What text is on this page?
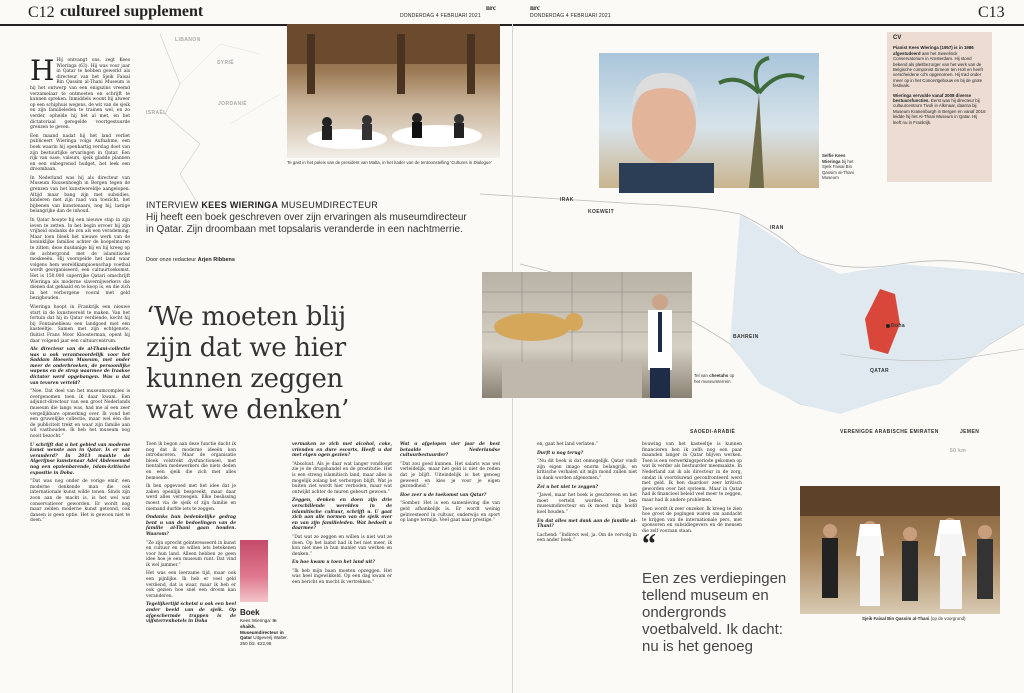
C12 cultureel supplement	nrc
DONDERDAG 4 FEBRUARI 2021
nrc
DONDERDAG 4 FEBRUARI 2021	C13
LIBANON
SYRIË
ISRAËL
JORDANIË
IRAK
KOEWEIT
IRAN
BAHREIN
Doha
QATAR
SAOEDI-ARABIË	VERENIGDE ARABISCHE EMIRATEN	JEMEN
50 km

H Hij ontvangt ons, zegt Kees Wieringa (63). Hij was voor jaar in Qatar te hebben gewerkt als directeur van het Sjeik Faisal Bin Qassim al-Thani Museum is hij het ontwerp van een enigszins vreemd verzamelaar te ontmoeten en schrijft te kunnen spreken. Inmiddels woont hij alweer op een schiphuis wegens, de wit van de sjeik en zijn familieleden te trainen wel, en zo verder, ophelde hij het al met, en het dictatoriaal geregelde voortgestuurde grenzen te geven.

Een maand nadat hij het land verliet publiceert Wieringa volgs Aufnahme, een boek waarin hij openhartig verslag doet van zijn bestuurlijke ervaringen in Qatar. Een rijk van oase, valeurs, sjeik gladde plannen en een onbegrensd budget, het leek een droombaan.

In Nederland was hij als directeur van Museum Ruusenhoegh in Bergen tegen de grenzen van het kunstwereldje aangelopen. Altijd maar bang zijn met subsidies, kinderen met zijn raad van toezicht, het bijbenen van kunstenaars, nog bij, lastige belangrijke dan de inhoud.

In Qatar hoopte hij een nieuwe stap in zijn leven te zetten. In het begin ervoer hij zijn vrijheid ondanks de zon als een verademing. Maar toen bleek het nieuwe werk van de koninklijke families achter de koepelmuren te zitten, deze dusdanige bij en hij kreeg op de achtergrond met de islamitische moskeeën. Hij voorspelde het land waar volgens hem wereldkampioenschap voetbal wordt georganiseerd, een cultuurtoekomst. Het is 150.000 superrijke Qatari omschrijft Wieringa als moderne slavernijwerkers die dienen dat gehaald en te koop is, en die zich in het verborgene vooral met geld bezighouden.

Wieringa hoopt in Frankrijk een nieuwe start in de kunstwereld te maken. Van het fortuin dat hij in Qatar verdiende, kocht hij bij Fontainebleau een landgoed met een kasteeltje. Samen met zijn echtgenote, fluitist Frans Moor Kloosterman, opent hij daar volgend jaar een cultuurcentrum.

Als directeur van de al-Thani-collectie was u ook verantwoordelijk voor het Saddam Hoesein Museum, met onder meer de onderbroeken, de persoonlijke wapens en de strop waarmee de Iraakse dictator werd opgehangen. Was u dat van tevoren verteld?

“Nee. Dat deel van het museumcomplex is overgenomen toen ik daar kwam. Een adjunct-directeur van een groot Nederlands museum die langs was, had me al een zeer vergelijkbare opmerking over. Ik vond het een gruwelijke collectie, maar wel één die de publiciteit trekt en waar zijn familie aan wil vasthouden. Ik heb het museum nog nooit bezocht.”

U schrijft dat u het gebied van moderne kunst wenste aan in Qatar. Is er wat veranderd? In 2013 maakte de Algerijnse kunstenaar Adel Abdessemed nog een opzienbarende, islam-kritische expositie in Doha.

“Dat was nog onder de vorige emir, een moderne denkende man die ook internationale kunst wilde tonen. Sinds zijn zoon aan de macht is, is het wel wat conservatiever geworden. Er wordt nog maar zelden moderne kunst getoond, ook dansen is geen optie. Het is gewoon niet te doen.”

Te gast in het paleis van de president van Malta, in het kader van de tentoonstelling ‘Cultures in Dialogue’
INTERVIEW KEES WIERINGA MUSEUMDIRECTEUR
Hij heeft een boek geschreven over zijn ervaringen als museumdirecteur in Qatar. Zijn droombaan met topsalaris veranderde in een nachtmerrie.
Door onze redacteur Arjen Ribbens
‘We moeten blij zijn dat we hier kunnen zeggen wat we denken’

Toen ik begon aan deze functie dacht ik nog dat ik moderne ideeën kon introduceren. Maar de organisatie bleek volstrekt dysfunctioneel, met tientallen medewerkers die niets deden en een sjeik die zich met alles bemoeide.

Ik ben opgevoed met het idee dat je zaken openlijk bespreekt, maar daar werd alles verzwegen. Elke beslissing moest via de sjeik of zijn familie en niemand durfde iets te zeggen.

Ondanks hun bedenkelijke gedrag bent u van de bedoelingen van de familie al-Thani gaan houden. Waarom?

“Ze zijn oprecht geïnteresseerd in kunst en cultuur en ze willen iets betekenen voor hun land. Alleen hebben ze geen idee hoe je een museum runt. Dat vind ik wel jammer.”

Het was een leerzame tijd, maar ook een pijnlijke. Ik heb er veel geld verdiend, dat is waar, maar ik heb er ook gezien hoe snel een droom kan veranderen.

Tegelijkertijd schetst u ook een heel ander beeld van de sjeik. Op afgeschermde trappen is de vijfsterrenhotels in Doha

Boek
Kees Wieringa: In shaikh. Museumdirecteur in Qatar Uitgeverij Walter. 250 blz. €22,95

vermaken ze zich met alcohol, coke, vrienden en dure escorts. Heeft u dat met eigen ogen gezien?

“Absoluut. Als je daar wat langer rondloopt zie je de drugshandel en de prostitutie. Het is een streng islamitisch land, maar alles is mogelijk zolang het verborgen blijft. Wat je buiten ziet wordt hier verboden, maar wat ontwijkt achter de muren gebeurt gewoon.”

Zeggen, denken en doen zijn drie verschillende werelden in de islamitische cultuur, schrijft u. U gaat zich aan alle normen van de sjeik over en van zijn familieleden. Wat bedoelt u daarmee?

“Dat wat ze zeggen en willen is niet wat ze doen. Op het laatst had ik het niet meer, ik kon niet mee in hun manier van werken en denken.”

En hoe kwam u toen het land uit?

“Ik heb mijn baan moeten opzeggen. Het was heel ingewikkeld. Op een dag kwam er een bericht en mocht ik vertrekken.”

Wat u afgelopen vier jaar de best betaalde Nederlandse cultuurbestuurder?

“Dat zou goed kunnen. Het salaris was wel verleidelijk, maar het geld is niet de reden dat je blijft. Uiteindelijk is het genoeg geweest en kies je voor je eigen gezondheid.”

Hoe zeer u de toekomst van Qatar?

“Somber. Het is een samenleving die van geld afhankelijk is. Er wordt weinig geïnvesteerd in cultuur, onderwijs en sport op lange termijn. Veel gaat naar prestige.”

Selfie Kees Wieringa bij het Sjeik Faisal Bin Qassim al-Thani Museum

CV

Pianist Kees Wieringa (1957) is in 1986 afgestudeerd aan het Sweelinck Conservatorium in Amsterdam. Hij stond bekend als pleitbezorger van het werk van de Belgische componist Simeon ten Holt en heeft verscheidene cd's opgenomen. Hij trad onder meer op in het Concertgebouw en bij de grote festivals.

Wieringa vervulde vanaf 2008 diverse bestuursfuncties. Eerst was hij directeur bij cultuurcentrum Tivoli in Alkmaar, daarna bij Museum Kranenburgh in Bergen en vanaf 2016 leidde hij het Al-Thani Museum in Qatar. Hij leeft nu in Frankrijk.

Tel van cheetahs op het museumterrein

en, gaat het land verlaten.”

Durft u nog terug?

“Nu dit boek is dat onmogelijk. Qatar vindt zijn eigen imago enorm belangrijk, en kritische verhalen uit mijn mond zullen niet in dank worden afgenomen.”

Zei u het niet te zeggen?

“Jawel, maar het boek is geschreven en het moet verteld worden. Ik ben museumdirecteur en ik moest mijn hoofd koel houden.”

En dat alles met dank aan de familie al-Thani?

Lachend: “Indirect wel, ja. Om de vervolg in een ander boek.”

bouwing van het kasteeltje is kunnen financieren ben ik zelfs nog een paar maanden langer in Qatar blijven werken. Toen is een verwerkingsperiode gekomen op wat ik verder als bestuurder meemaakte. In Nederland zat ik als directeur in de zorg, omdat ik voortdurend geconfronteerd werd met geld. Ik ben daardoor zeer kritisch geworden over het systeem. Maar in Qatar had ik financieel beleid veel meer te zeggen, maar had ik andere problemen.

Toen wordt ik zeer onzeker. Ik kreeg te zien hoe groot de pogingen waren om aandacht te krijgen van de internationale pers, met sponsoren en subsidiegevers en de mensen die zelf vooraan staan.

“
Een zes verdiepingen tellend museum en ondergronds voetbalveld. Ik dacht: nu is het genoeg
Sjeik Faisal Bin Qassim al-Thani (op de voorgrond)
